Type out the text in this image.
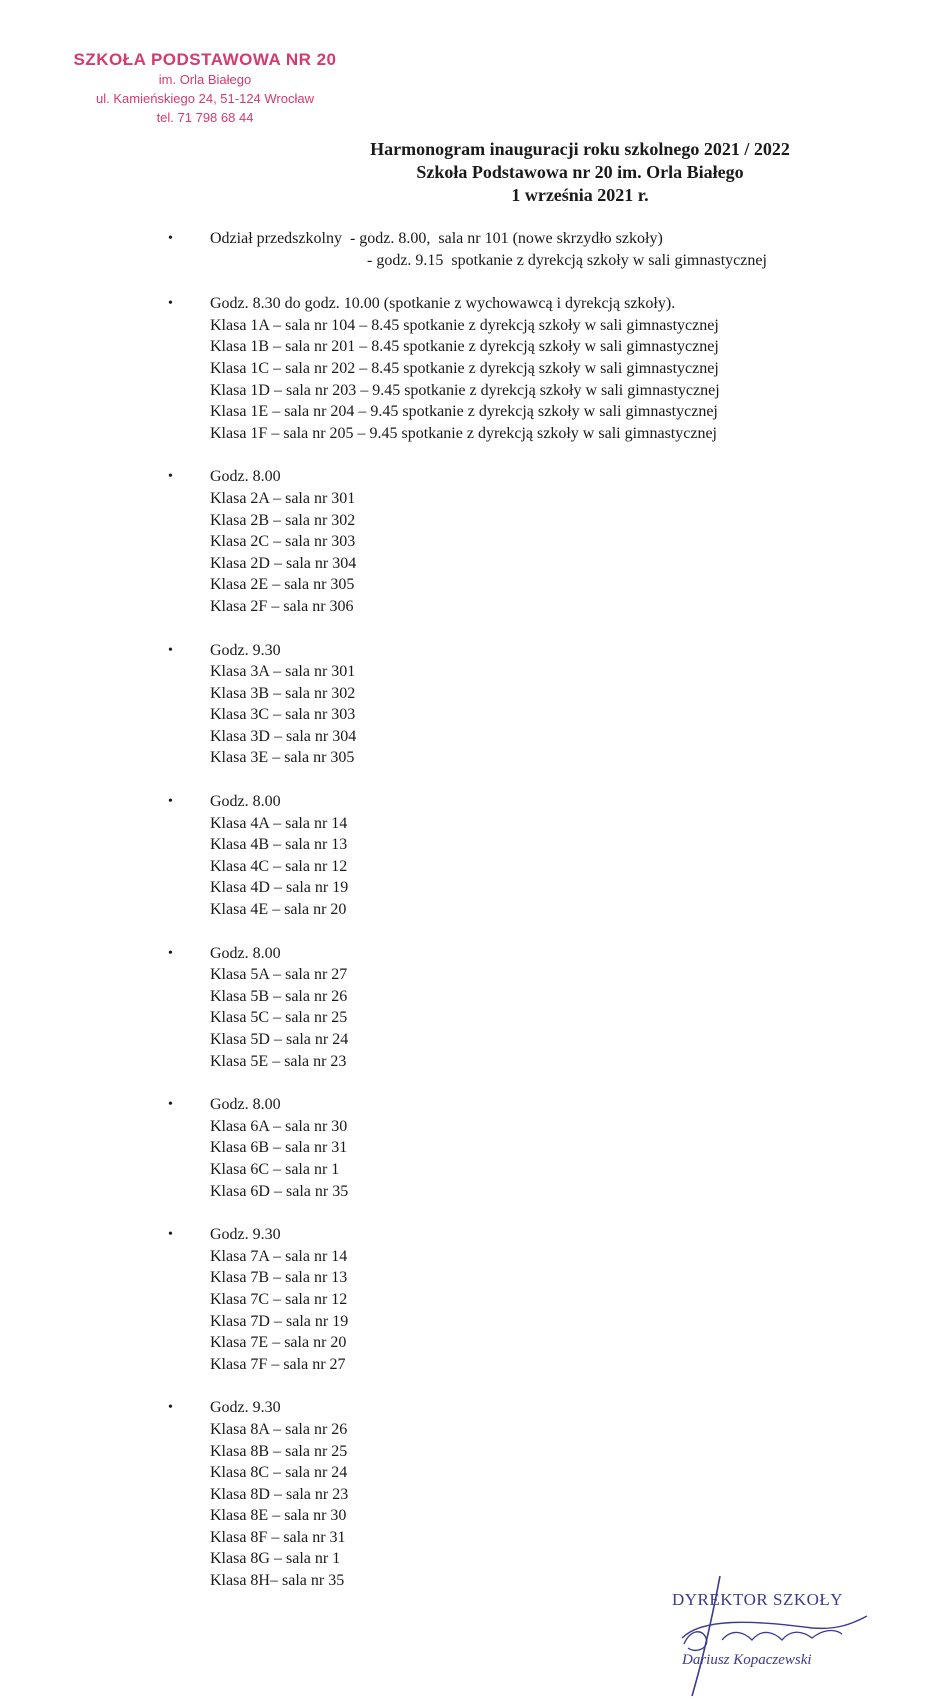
SZKOŁA PODSTAWOWA NR 20
im. Orla Białego
ul. Kamieńskiego 24, 51-124 Wrocław
tel. 71 798 68 44
Harmonogram inauguracji roku szkolnego 2021 / 2022
Szkoła Podstawowa nr 20 im. Orla Białego
1 września 2021 r.
• Odział przedszkolny  - godz. 8.00,  sala nr 101 (nowe skrzydło szkoły)
- godz. 9.15  spotkanie z dyrekcją szkoły w sali gimnastycznej
• Godz. 8.30 do godz. 10.00 (spotkanie z wychowawcą i dyrekcją szkoły).
Klasa 1A – sala nr 104 – 8.45 spotkanie z dyrekcją szkoły w sali gimnastycznej
Klasa 1B – sala nr 201 – 8.45 spotkanie z dyrekcją szkoły w sali gimnastycznej
Klasa 1C – sala nr 202 – 8.45 spotkanie z dyrekcją szkoły w sali gimnastycznej
Klasa 1D – sala nr 203 – 9.45 spotkanie z dyrekcją szkoły w sali gimnastycznej
Klasa 1E – sala nr 204 – 9.45 spotkanie z dyrekcją szkoły w sali gimnastycznej
Klasa 1F – sala nr 205 – 9.45 spotkanie z dyrekcją szkoły w sali gimnastycznej
• Godz. 8.00
Klasa 2A – sala nr 301
Klasa 2B – sala nr 302
Klasa 2C – sala nr 303
Klasa 2D – sala nr 304
Klasa 2E – sala nr 305
Klasa 2F – sala nr 306
• Godz. 9.30
Klasa 3A – sala nr 301
Klasa 3B – sala nr 302
Klasa 3C – sala nr 303
Klasa 3D – sala nr 304
Klasa 3E – sala nr 305
• Godz. 8.00
Klasa 4A – sala nr 14
Klasa 4B – sala nr 13
Klasa 4C – sala nr 12
Klasa 4D – sala nr 19
Klasa 4E – sala nr 20
• Godz. 8.00
Klasa 5A – sala nr 27
Klasa 5B – sala nr 26
Klasa 5C – sala nr 25
Klasa 5D – sala nr 24
Klasa 5E – sala nr 23
• Godz. 8.00
Klasa 6A – sala nr 30
Klasa 6B – sala nr 31
Klasa 6C – sala nr 1
Klasa 6D – sala nr 35
• Godz. 9.30
Klasa 7A – sala nr 14
Klasa 7B – sala nr 13
Klasa 7C – sala nr 12
Klasa 7D – sala nr 19
Klasa 7E – sala nr 20
Klasa 7F – sala nr 27
• Godz. 9.30
Klasa 8A – sala nr 26
Klasa 8B – sala nr 25
Klasa 8C – sala nr 24
Klasa 8D – sala nr 23
Klasa 8E – sala nr 30
Klasa 8F – sala nr 31
Klasa 8G – sala nr 1
Klasa 8H– sala nr 35
DYREKTOR SZKOŁY
Dariusz Kopaczewski
